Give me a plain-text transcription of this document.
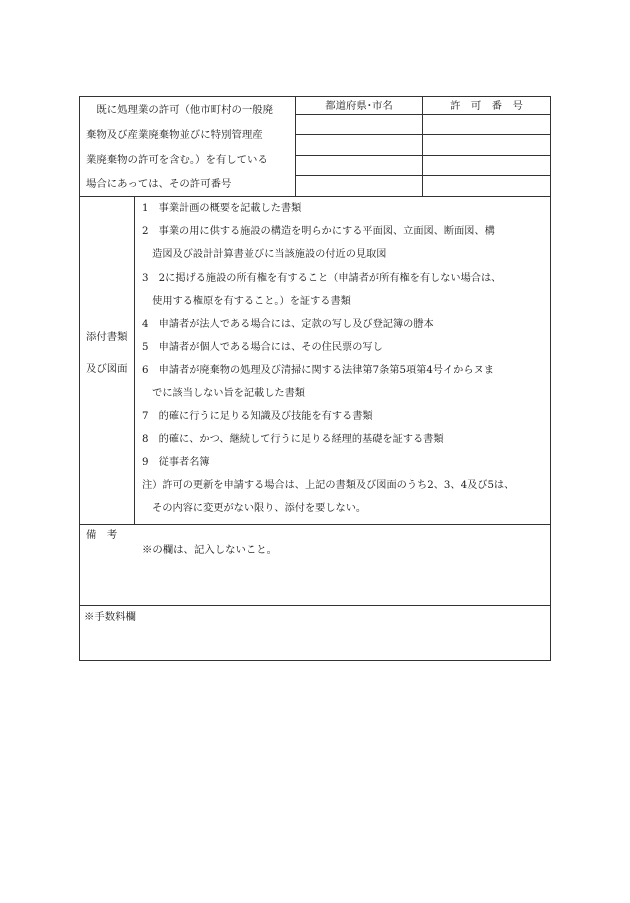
　既に処理業の許可（他市町村の一般廃
棄物及び産業廃棄物並びに特別管理産
業廃棄物の許可を含む。）を有している
場合にあっては、その許可番号
都道府県･市名	許　可　番　号
添付書類
及び図面
1　事業計画の概要を記載した書類
2　事業の用に供する施設の構造を明らかにする平面図、立面図、断面図、構
　造図及び設計計算書並びに当該施設の付近の見取図
3　2に掲げる施設の所有権を有すること（申請者が所有権を有しない場合は、
　使用する権原を有すること。）を証する書類
4　申請者が法人である場合には、定款の写し及び登記簿の謄本
5　申請者が個人である場合には、その住民票の写し
6　申請者が廃棄物の処理及び清掃に関する法律第7条第5項第4号イからヌま
　でに該当しない旨を記載した書類
7　的確に行うに足りる知識及び技能を有する書類
8　的確に、かつ、継続して行うに足りる経理的基礎を証する書類
9　従事者名簿
注）許可の更新を申請する場合は、上記の書類及び図面のうち2、3、4及び5は、
　その内容に変更がない限り、添付を要しない。
備　考
※の欄は、記入しないこと。
※手数料欄
